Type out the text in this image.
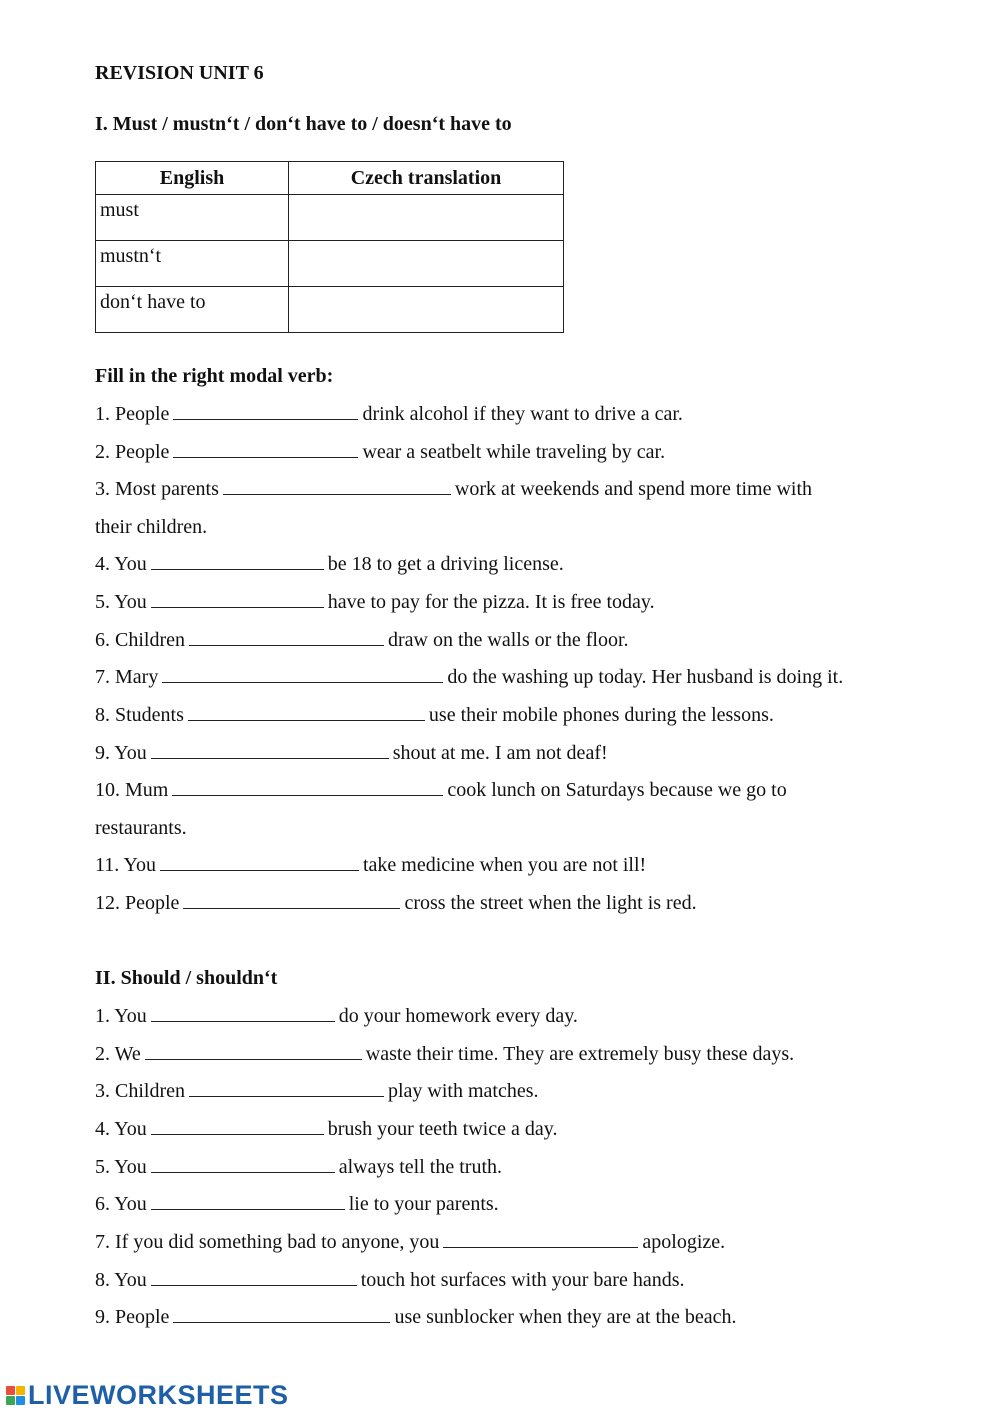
REVISION UNIT 6
I. Must / mustn‘t / don‘t have to / doesn‘t have to
English	Czech translation
must	
mustn‘t	
don‘t have to	
Fill in the right modal verb:
1. People	drink alcohol if they want to drive a car.
2. People	wear a seatbelt while traveling by car.
3. Most parents	work at weekends and spend more time with
their children.
4. You	be 18 to get a driving license.
5. You	have to pay for the pizza. It is free today.
6. Children	draw on the walls or the floor.
7. Mary	do the washing up today. Her husband is doing it.
8. Students	use their mobile phones during the lessons.
9. You	shout at me. I am not deaf!
10. Mum	cook lunch on Saturdays because we go to
restaurants.
11. You	take medicine when you are not ill!
12. People	cross the street when the light is red.
II. Should / shouldn‘t
1. You	do your homework every day.
2. We	waste their time. They are extremely busy these days.
3. Children	play with matches.
4. You	brush your teeth twice a day.
5. You	always tell the truth.
6. You	lie to your parents.
7. If you did something bad to anyone, you	apologize.
8. You	touch hot surfaces with your bare hands.
9. People	use sunblocker when they are at the beach.
LIVEWORKSHEETS
